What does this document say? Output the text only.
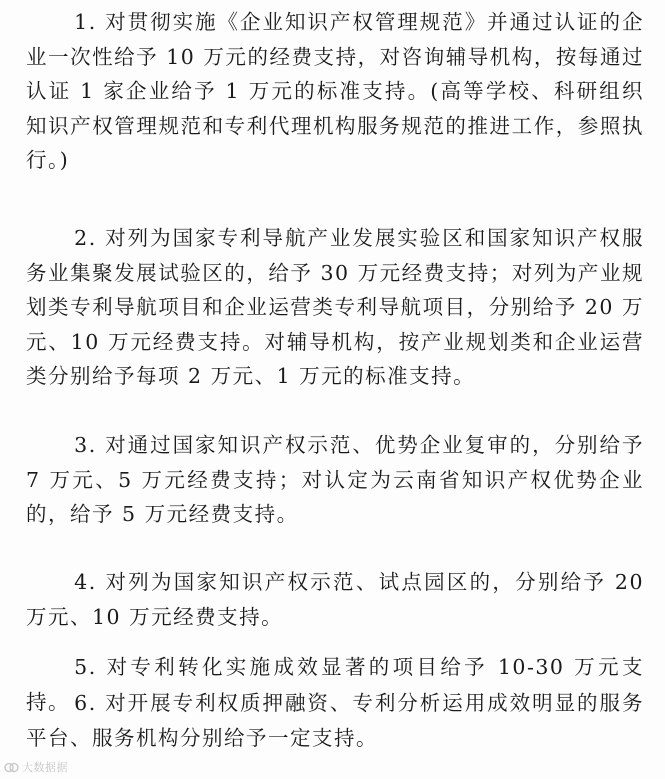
1. 对贯彻实施《企业知识产权管理规范》并通过认证的企业一次性给予 10 万元的经费支持，对咨询辅导机构，按每通过认证 1 家企业给予 1 万元的标准支持。(高等学校、科研组织知识产权管理规范和专利代理机构服务规范的推进工作，参照执行。)

2. 对列为国家专利导航产业发展实验区和国家知识产权服务业集聚发展试验区的，给予 30 万元经费支持；对列为产业规划类专利导航项目和企业运营类专利导航项目，分别给予 20 万元、10 万元经费支持。对辅导机构，按产业规划类和企业运营类分别给予每项 2 万元、1 万元的标准支持。

3. 对通过国家知识产权示范、优势企业复审的，分别给予 7 万元、5 万元经费支持；对认定为云南省知识产权优势企业的，给予 5 万元经费支持。

4. 对列为国家知识产权示范、试点园区的，分别给予 20 万元、10 万元经费支持。

5. 对专利转化实施成效显著的项目给予 10-30 万元支持。 6. 对开展专利权质押融资、专利分析运用成效明显的服务平台、服务机构分别给予一定支持。

大数据据
